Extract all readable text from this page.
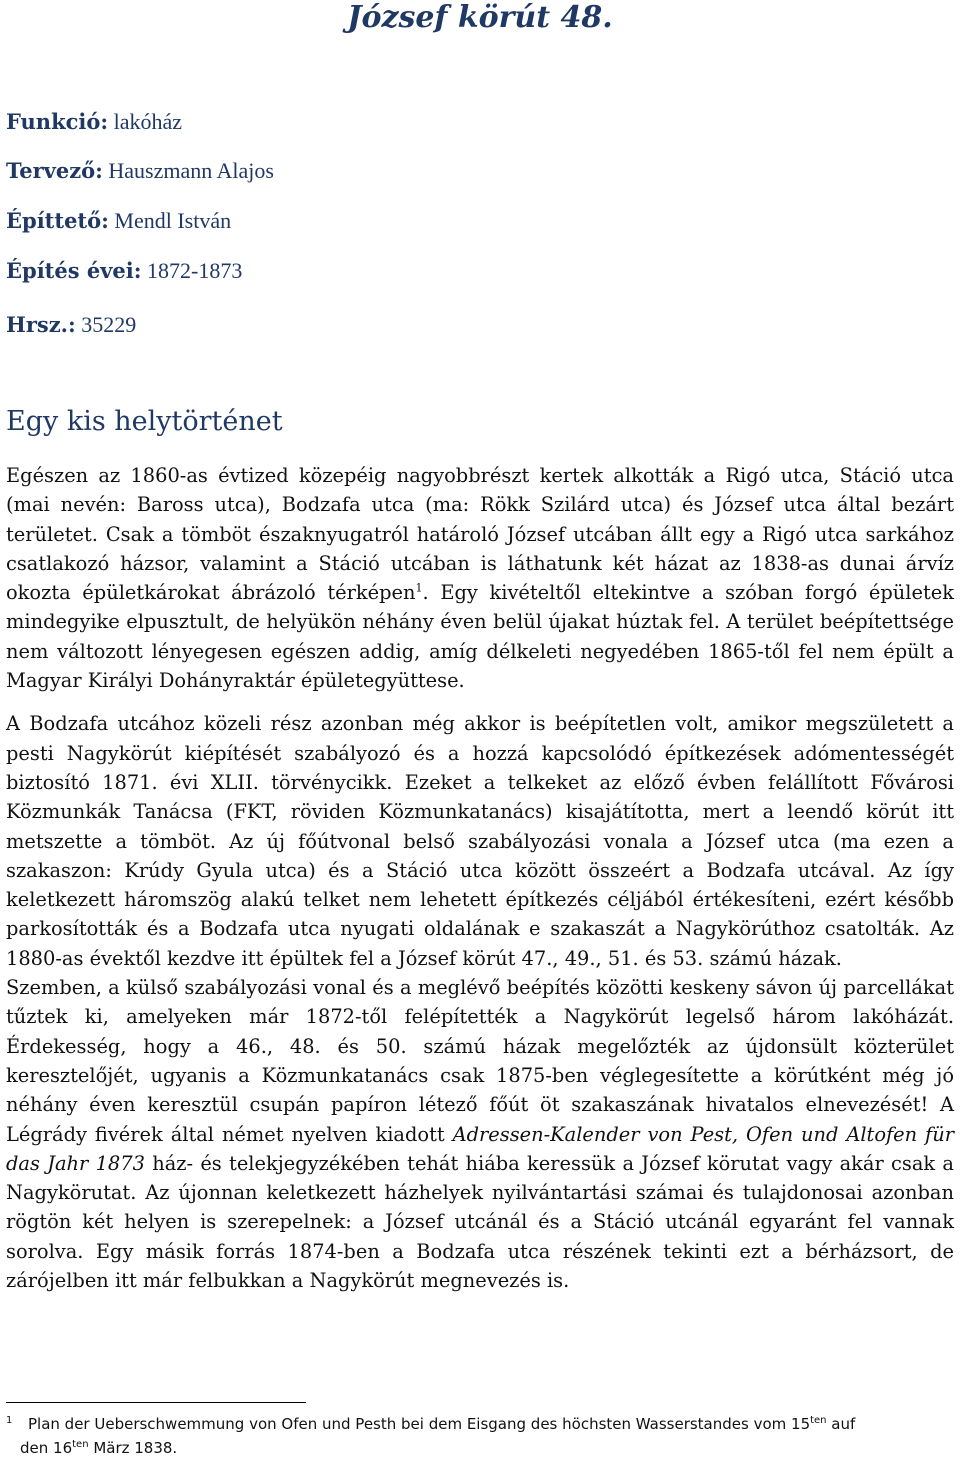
József körút 48.
Funkció: lakóház
Tervező: Hauszmann Alajos
Építtető: Mendl István
Építés évei: 1872-1873
Hrsz.: 35229
Egy kis helytörténet

Egészen az 1860-as évtized közepéig nagyobbrészt kertek alkották a Rigó utca, Stáció utca (mai nevén: Baross utca), Bodzafa utca (ma: Rökk Szilárd utca) és József utca által bezárt területet. Csak a tömböt északnyugatról határoló József utcában állt egy a Rigó utca sarkához csatlakozó házsor, valamint a Stáció utcában is láthatunk két házat az 1838-as dunai árvíz okozta épületkárokat ábrázoló térképen$^1$. Egy kivételtől eltekintve a szóban forgó épületek mindegyike elpusztult, de helyükön néhány éven belül újakat húztak fel. A terület beépítettsége nem változott lényegesen egészen addig, amíg délkeleti negyedében 1865-től fel nem épült a Magyar Királyi Dohányraktár épületegyüttese.

A Bodzafa utcához közeli rész azonban még akkor is beépítetlen volt, amikor megszületett a pesti Nagykörút kiépítését szabályozó és a hozzá kapcsolódó építkezések adómentességét biztosító 1871. évi XLII. törvénycikk. Ezeket a telkeket az előző évben felállított Fővárosi Közmunkák Tanácsa (FKT, röviden Közmunkatanács) kisajátította, mert a leendő körút itt metszette a tömböt. Az új főútvonal belső szabályozási vonala a József utca (ma ezen a szakaszon: Krúdy Gyula utca) és a Stáció utca között összeért a Bodzafa utcával. Az így keletkezett háromszög alakú telket nem lehetett építkezés céljából értékesíteni, ezért később parkosították és a Bodzafa utca nyugati oldalának e szakaszát a Nagykörúthoz csatolták. Az 1880-as évektől kezdve itt épültek fel a József körút 47., 49., 51. és 53. számú házak.

Szemben, a külső szabályozási vonal és a meglévő beépítés közötti keskeny sávon új parcellákat tűztek ki, amelyeken már 1872-től felépítették a Nagykörút legelső három lakóházát. Érdekesség, hogy a 46., 48. és 50. számú házak megelőzték az újdonsült közterület keresztelőjét, ugyanis a Közmunkatanács csak 1875-ben véglegesítette a körútként még jó néhány éven keresztül csupán papíron létező főút öt szakaszának hivatalos elnevezését! A Légrády fivérek által német nyelven kiadott Adressen-Kalender von Pest, Ofen und Altofen für das Jahr 1873 ház- és telekjegyzékében tehát hiába keressük a József körutat vagy akár csak a Nagykörutat. Az újonnan keletkezett házhelyek nyilvántartási számai és tulajdonosai azonban rögtön két helyen is szerepelnek: a József utcánál és a Stáció utcánál egyaránt fel vannak sorolva. Egy másik forrás 1874-ben a Bodzafa utca részének tekinti ezt a bérházsort, de zárójelben itt már felbukkan a Nagykörút megnevezés is.

$^1$ Plan der Ueberschwemmung von Ofen und Pesth bei dem Eisgang des höchsten Wasserstandes vom $15^{ten}$ auf
den $16^{ten}$ März 1838.
